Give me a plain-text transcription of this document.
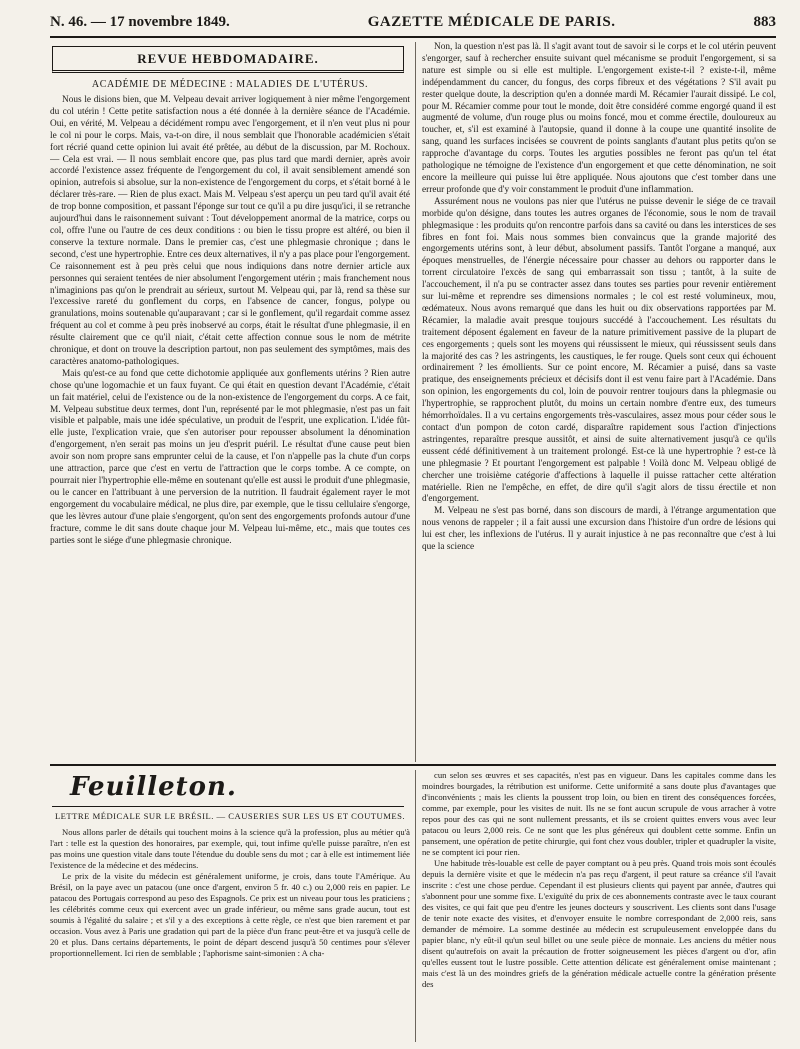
N. 46. — 17 novembre 1849.	GAZETTE MÉDICALE DE PARIS.	883
REVUE HEBDOMADAIRE.
ACADÉMIE DE MÉDECINE : MALADIES DE L'UTÉRUS.

Nous le disions bien, que M. Velpeau devait arriver logiquement à nier même l'engorgement du col utérin ! Cette petite satisfaction nous a été donnée à la dernière séance de l'Académie. Oui, en vérité, M. Velpeau a décidément rompu avec l'engorgement, et il n'en veut plus ni pour le col ni pour le corps. Mais, va-t-on dire, il nous semblait que l'honorable académicien s'était fort récrié quand cette opinion lui avait été prêtée, au début de la discussion, par M. Rochoux. — Cela est vrai. — Il nous semblait encore que, pas plus tard que mardi dernier, après avoir accordé l'existence assez fréquente de l'engorgement du col, il avait sensiblement amendé son opinion, autrefois si absolue, sur la non-existence de l'engorgement du corps, et s'était borné à le déclarer très-rare. — Rien de plus exact. Mais M. Velpeau s'est aperçu un peu tard qu'il avait été de trop bonne composition, et passant l'éponge sur tout ce qu'il a pu dire jusqu'ici, il se retranche aujourd'hui dans le raisonnement suivant : Tout développement anormal de la matrice, corps ou col, offre l'une ou l'autre de ces deux conditions : ou bien le tissu propre est altéré, ou bien il conserve la texture normale. Dans le premier cas, c'est une phlegmasie chronique ; dans le second, c'est une hypertrophie. Entre ces deux alternatives, il n'y a pas place pour l'engorgement. Ce raisonnement est à peu près celui que nous indiquions dans notre dernier article aux personnes qui seraient tentées de nier absolument l'engorgement utérin ; mais franchement nous n'imaginions pas qu'on le prendrait au sérieux, surtout M. Velpeau qui, par là, rend sa thèse sur l'excessive rareté du gonflement du corps, en l'absence de cancer, fongus, polype ou granulations, moins soutenable qu'auparavant ; car si le gonflement, qu'il regardait comme assez fréquent au col et comme à peu près inobservé au corps, était le résultat d'une phlegmasie, il en résulte clairement que ce qu'il niait, c'était cette affection connue sous le nom de métrite chronique, et dont on trouve la description partout, non pas seulement des symptômes, mais des caractères anatomo-pathologiques.

Mais qu'est-ce au fond que cette dichotomie appliquée aux gonflements utérins ? Rien autre chose qu'une logomachie et un faux fuyant. Ce qui était en question devant l'Académie, c'était un fait matériel, celui de l'existence ou de la non-existence de l'engorgement du corps. A ce fait, M. Velpeau substitue deux termes, dont l'un, représenté par le mot phlegmasie, n'est pas un fait visible et palpable, mais une idée spéculative, un produit de l'esprit, une explication. L'idée fût-elle juste, l'explication vraie, que s'en autoriser pour repousser absolument la dénomination d'engorgement, n'en serait pas moins un jeu d'esprit puéril. Le résultat d'une cause peut bien avoir son nom propre sans emprunter celui de la cause, et l'on n'appelle pas la chute d'un corps une attraction, parce que c'est en vertu de l'attraction que le corps tombe. A ce compte, on pourrait nier l'hypertrophie elle-même en soutenant qu'elle est aussi le produit d'une phlegmasie, ou le cancer en l'attribuant à une perversion de la nutrition. Il faudrait également rayer le mot engorgement du vocabulaire médical, ne plus dire, par exemple, que le tissu cellulaire s'engorge, que les lèvres autour d'une plaie s'engorgent, qu'on sent des engorgements profonds autour d'une fracture, comme le dit sans doute chaque jour M. Velpeau lui-même, etc., mais que toutes ces parties sont le siége d'une phlegmasie chronique.

Non, la question n'est pas là. Il s'agit avant tout de savoir si le corps et le col utérin peuvent s'engorger, sauf à rechercher ensuite suivant quel mécanisme se produit l'engorgement, si sa nature est simple ou si elle est multiple. L'engorgement existe-t-il ? existe-t-il, même indépendamment du cancer, du fongus, des corps fibreux et des végétations ? S'il avait pu rester quelque doute, la description qu'en a donnée mardi M. Récamier l'aurait dissipé. Le col, pour M. Récamier comme pour tout le monde, doit être considéré comme engorgé quand il est augmenté de volume, d'un rouge plus ou moins foncé, mou et comme érectile, douloureux au toucher, et, s'il est examiné à l'autopsie, quand il donne à la coupe une quantité insolite de sang, quand les surfaces incisées se couvrent de points sanglants d'autant plus petits qu'on se rapproche d'avantage du corps. Toutes les arguties possibles ne feront pas qu'un tel état pathologique ne témoigne de l'existence d'un engorgement et que cette dénomination, ne soit encore la meilleure qui puisse lui être appliquée. Nous ajoutons que c'est tomber dans une erreur profonde que d'y voir constamment le produit d'une inflammation.

Assurément nous ne voulons pas nier que l'utérus ne puisse devenir le siége de ce travail morbide qu'on désigne, dans toutes les autres organes de l'économie, sous le nom de travail phlegmasique : les produits qu'on rencontre parfois dans sa cavité ou dans les interstices de ses fibres en font foi. Mais nous sommes bien convaincus que la grande majorité des engorgements utérins sont, à leur début, absolument passifs. Tantôt l'organe a manqué, aux époques menstruelles, de l'énergie nécessaire pour chasser au dehors ou rapporter dans le torrent circulatoire l'excès de sang qui embarrassait son tissu ; tantôt, à la suite de l'accouchement, il n'a pu se contracter assez dans toutes ses parties pour revenir entièrement sur lui-même et reprendre ses dimensions normales ; le col est resté volumineux, mou, œdémateux. Nous avons remarqué que dans les huit ou dix observations rapportées par M. Récamier, la maladie avait presque toujours succédé à l'accouchement. Les résultats du traitement déposent également en faveur de la nature primitivement passive de la plupart de ces engorgements ; quels sont les moyens qui réussissent le mieux, qui réussissent seuls dans la majorité des cas ? les astringents, les caustiques, le fer rouge. Quels sont ceux qui échouent ordinairement ? les émollients. Sur ce point encore, M. Récamier a puisé, dans sa vaste pratique, des enseignements précieux et décisifs dont il est venu faire part à l'Académie. Dans son opinion, les engorgements du col, loin de pouvoir rentrer toujours dans la phlegmasie ou l'hypertrophie, se rapprochent plutôt, du moins un certain nombre d'entre eux, des tumeurs hémorrhoïdales. Il a vu certains engorgements très-vasculaires, assez mous pour céder sous le contact d'un pompon de coton cardé, disparaître rapidement sous l'action d'injections astringentes, reparaître presque aussitôt, et ainsi de suite alternativement jusqu'à ce qu'ils eussent cédé définitivement à un traitement prolongé. Est-ce là une hypertrophie ? est-ce là une phlegmasie ? Et pourtant l'engorgement est palpable ! Voilà donc M. Velpeau obligé de chercher une troisième catégorie d'affections à laquelle il puisse rattacher cette altération matérielle. Rien ne l'empêche, en effet, de dire qu'il s'agit alors de tissu érectile et non d'engorgement.

M. Velpeau ne s'est pas borné, dans son discours de mardi, à l'étrange argumentation que nous venons de rappeler ; il a fait aussi une excursion dans l'histoire d'un ordre de lésions qui lui est cher, les inflexions de l'utérus. Il y aurait injustice à ne pas reconnaître que c'est à lui que la science

Feuilleton.
LETTRE MÉDICALE SUR LE BRÉSIL. — CAUSERIES SUR LES US ET COUTUMES.

Nous allons parler de détails qui touchent moins à la science qu'à la profession, plus au métier qu'à l'art : telle est la question des honoraires, par exemple, qui, tout infime qu'elle puisse paraître, n'en est pas moins une question vitale dans toute l'étendue du double sens du mot ; car à elle est intimement liée l'existence de la médecine et des médecins.

Le prix de la visite du médecin est généralement uniforme, je crois, dans toute l'Amérique. Au Brésil, on la paye avec un patacou (une once d'argent, environ 5 fr. 40 c.) ou 2,000 reis en papier. Le patacou des Portugais correspond au peso des Espagnols. Ce prix est un niveau pour tous les praticiens ; les célébrités comme ceux qui exercent avec un grade inférieur, ou même sans grade aucun, tout est soumis à l'égalité du salaire ; et s'il y a des exceptions à cette règle, ce n'est que bien rarement et par occasion. Vous avez à Paris une gradation qui part de la pièce d'un franc peut-être et va jusqu'à celle de 20 et plus. Dans certains départements, le point de départ descend jusqu'à 50 centimes pour s'élever proportionnellement. Ici rien de semblable ; l'aphorisme saint-simonien : A cha-

cun selon ses œuvres et ses capacités, n'est pas en vigueur. Dans les capitales comme dans les moindres bourgades, la rétribution est uniforme. Cette uniformité a sans doute plus d'avantages que d'inconvénients ; mais les clients la poussent trop loin, ou bien en tirent des conséquences forcées, comme, par exemple, pour les visites de nuit. Ils ne se font aucun scrupule de vous arracher à votre repos pour des cas qui ne sont nullement pressants, et ils se croient quittes envers vous avec leur patacou ou leurs 2,000 reis. Ce ne sont que les plus généreux qui doublent cette somme. Enfin un pansement, une opération de petite chirurgie, qui font chez vous doubler, tripler et quadrupler la visite, ne se comptent ici pour rien.

Une habitude très-louable est celle de payer comptant ou à peu près. Quand trois mois sont écoulés depuis la dernière visite et que le médecin n'a pas reçu d'argent, il peut rature sa créance s'il l'avait inscrite : c'est une chose perdue. Cependant il est plusieurs clients qui payent par année, d'autres qui s'abonnent pour une somme fixe. L'exiguïté du prix de ces abonnements contraste avec le taux courant des visites, ce qui fait que peu d'entre les jeunes docteurs y souscrivent. Les clients sont dans l'usage de tenir note exacte des visites, et d'envoyer ensuite le nombre correspondant de 2,000 reis, sans demander de mémoire. La somme destinée au médecin est scrupuleusement enveloppée dans du papier blanc, n'y eût-il qu'un seul billet ou une seule pièce de monnaie. Les anciens du métier nous disent qu'autrefois on avait la précaution de frotter soigneusement les pièces d'argent ou d'or, afin qu'elles eussent tout le lustre possible. Cette attention délicate est généralement omise maintenant ; mais c'est là un des moindres griefs de la génération médicale actuelle contre la génération présente des
